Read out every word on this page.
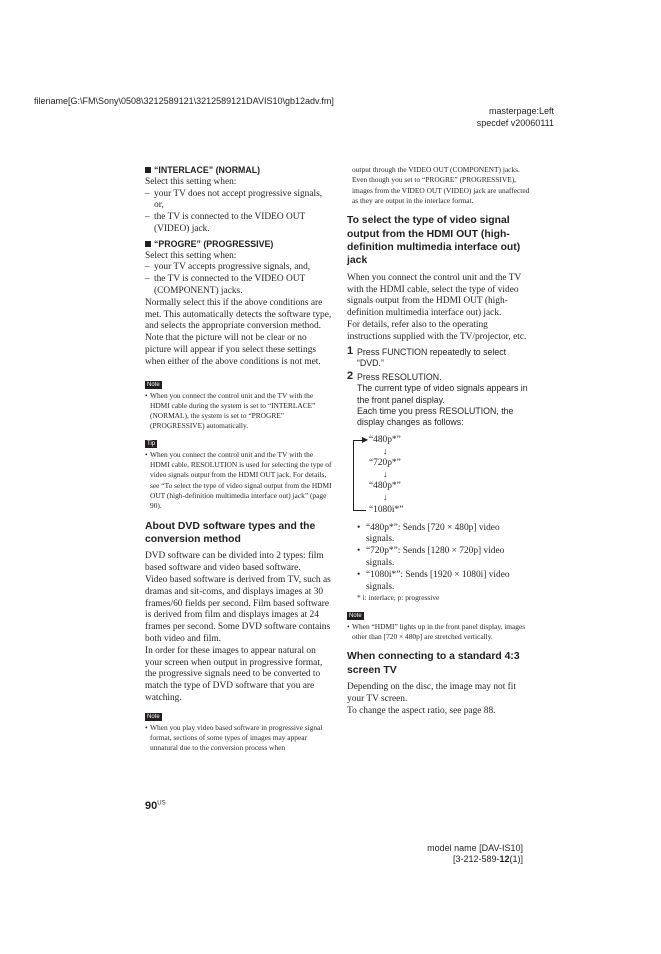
filename[G:\FM\Sony\0508\3212589121\3212589121DAVIS10\gb12adv.fm]
masterpage:Left
specdef v20060111
“INTERLACE” (NORMAL)

Select this setting when:

– your TV does not accept progressive signals, or,
– the TV is connected to the VIDEO OUT (VIDEO) jack.
“PROGRE” (PROGRESSIVE)

Select this setting when:

– your TV accepts progressive signals, and,
– the TV is connected to the VIDEO OUT (COMPONENT) jacks.

Normally select this if the above conditions are met. This automatically detects the software type, and selects the appropriate conversion method. Note that the picture will not be clear or no picture will appear if you select these settings when either of the above conditions is not met.

Note
• When you connect the control unit and the TV with the HDMI cable during the system is set to “INTERLACE” (NORMAL), the system is set to “PROGRE” (PROGRESSIVE) automatically.
Tip
• When you connect the control unit and the TV with the HDMI cable, RESOLUTION is used for selecting the type of video signals output from the HDMI OUT jack. For details, see “To select the type of video signal output from the HDMI OUT (high-definition multimedia interface out) jack” (page 90).
About DVD software types and the conversion method

DVD software can be divided into 2 types: film based software and video based software.
Video based software is derived from TV, such as dramas and sit-coms, and displays images at 30 frames/60 fields per second. Film based software is derived from film and displays images at 24 frames per second. Some DVD software contains both video and film.
In order for these images to appear natural on your screen when output in progressive format, the progressive signals need to be converted to match the type of DVD software that you are watching.

Note
• When you play video based software in progressive signal format, sections of some types of images may appear unnatural due to the conversion process when

output through the VIDEO OUT (COMPONENT) jacks. Even though you set to “PROGRE” (PROGRESSIVE), images from the VIDEO OUT (VIDEO) jack are unaffected as they are output in the interlace format.

To select the type of video signal output from the HDMI OUT (high-definition multimedia interface out) jack

When you connect the control unit and the TV with the HDMI cable, select the type of video signals output from the HDMI OUT (high-definition multimedia interface out) jack.
For details, refer also to the operating instructions supplied with the TV/projector, etc.

1 Press FUNCTION repeatedly to select “DVD.”
2 Press RESOLUTION.
The current type of video signals appears in the front panel display.
Each time you press RESOLUTION, the display changes as follows:
▶ “480p*”
↓
“720p*”
↓
“480p*”
↓
“1080i*”
• “480p*”: Sends [720 × 480p] video signals.
• “720p*”: Sends [1280 × 720p] video signals.
• “1080i*”: Sends [1920 × 1080i] video signals.

* i: interlace, p: progressive

Note
• When “HDMI” lights up in the front panel display, images other than [720 × 480p] are stretched vertically.
When connecting to a standard 4:3 screen TV

Depending on the disc, the image may not fit your TV screen.
To change the aspect ratio, see page 88.

$90^{US}$
model name [DAV-IS10]
[3-212-589-12(1)]
